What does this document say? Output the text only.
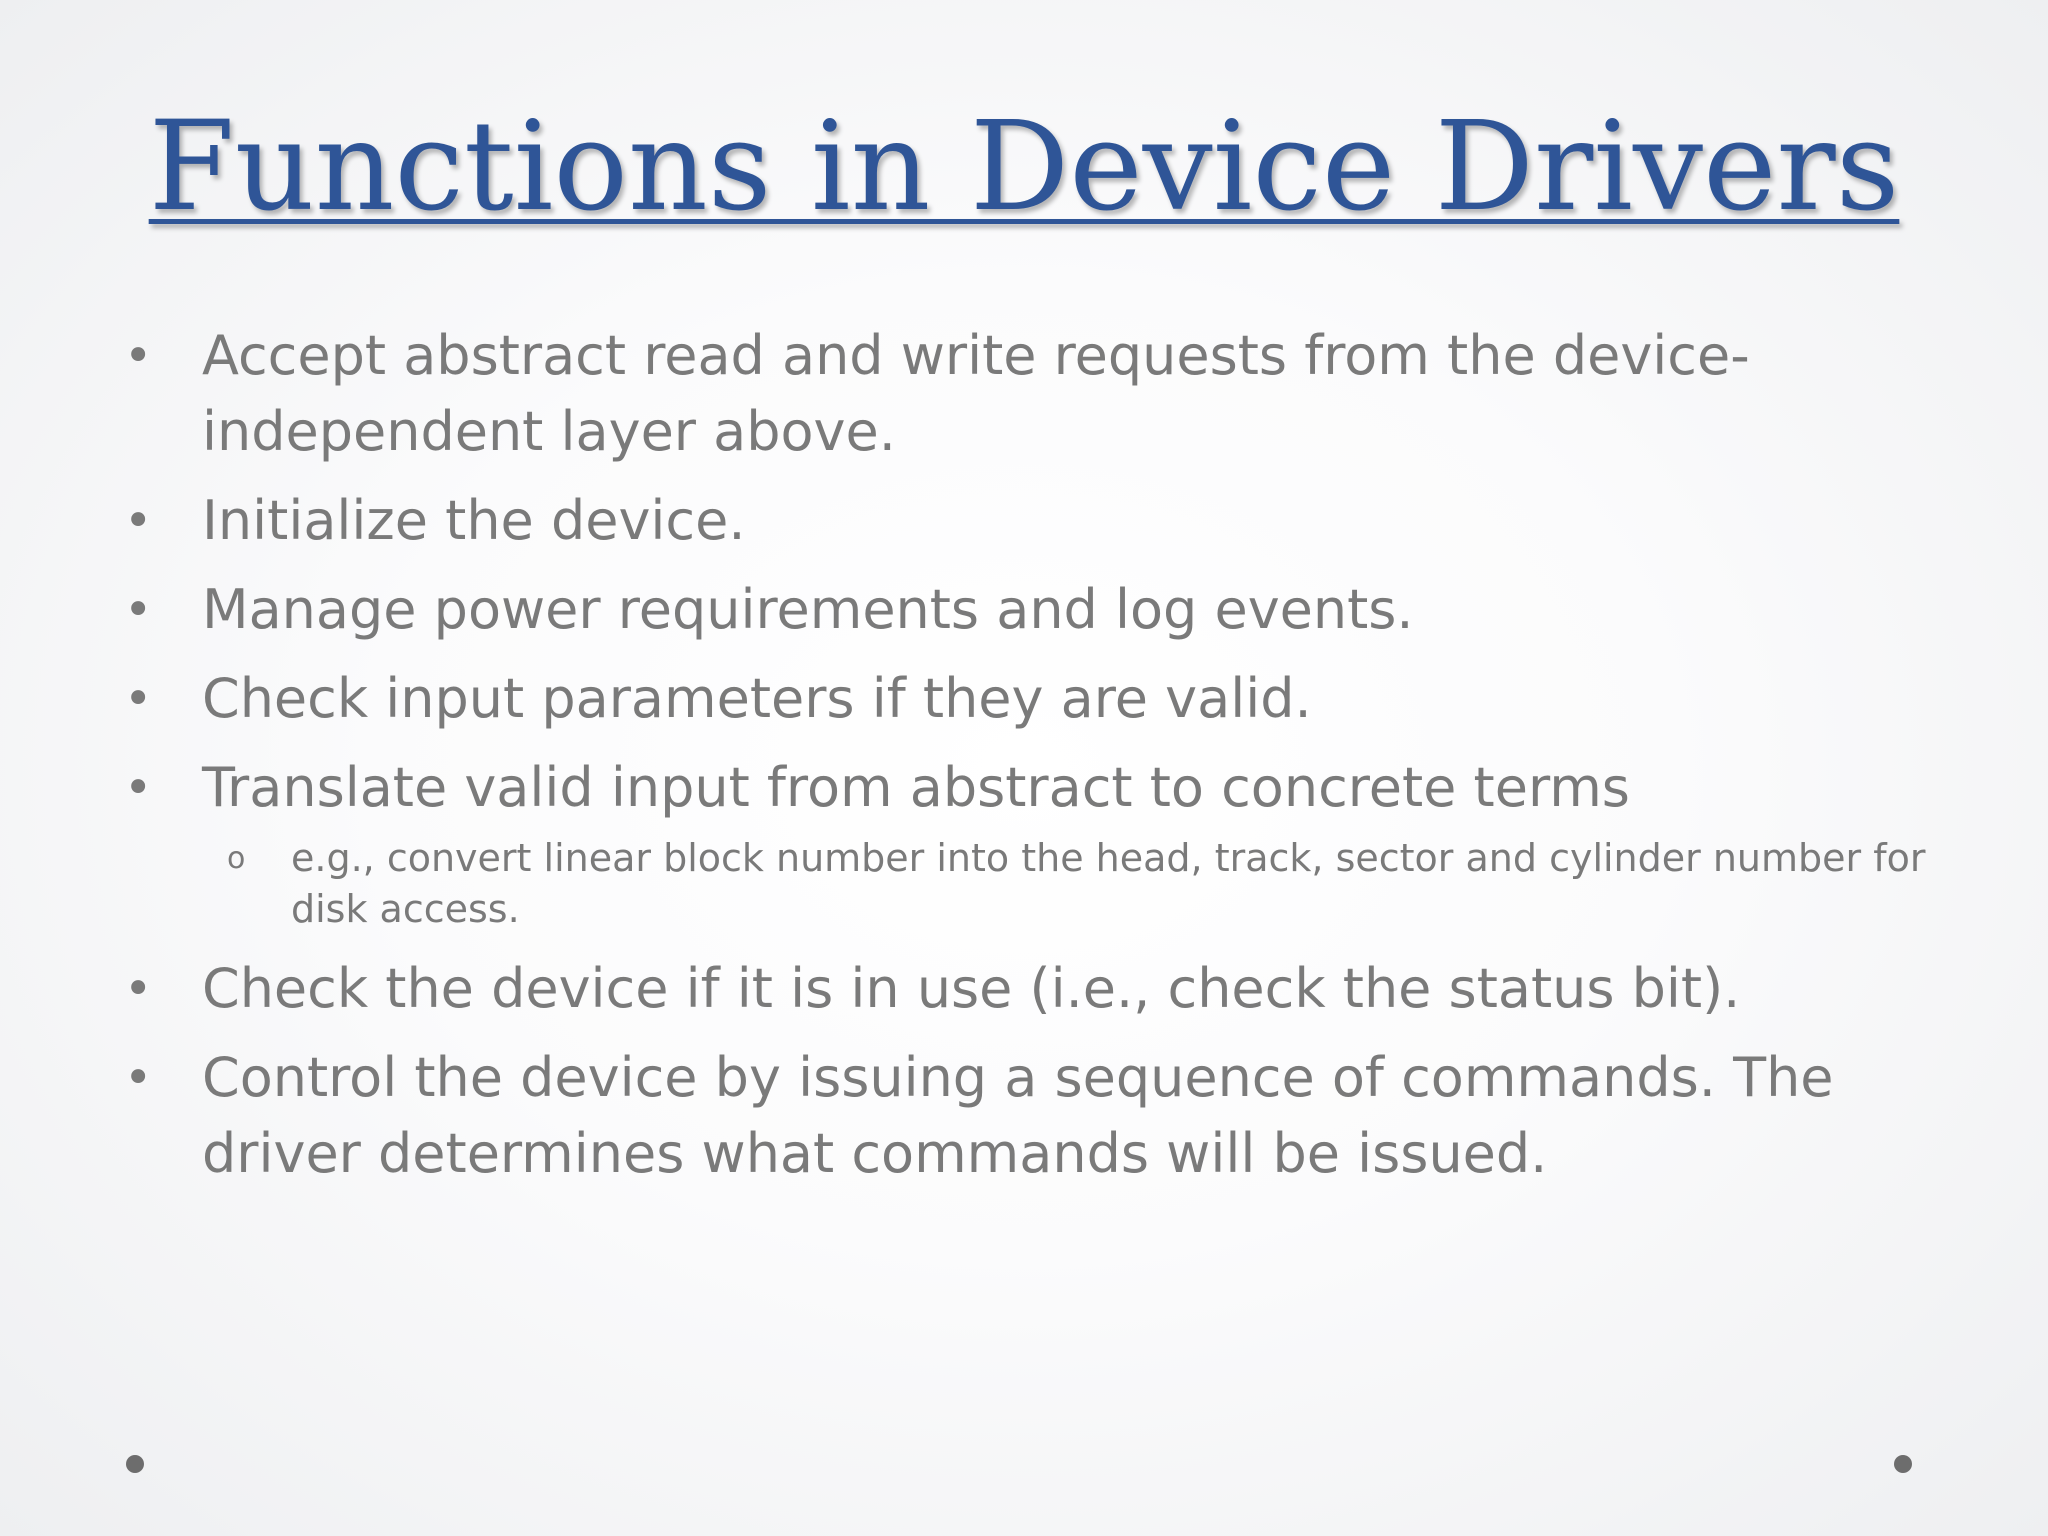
Functions in Device Drivers
• Accept abstract read and write requests from the device-independent layer above.
• Initialize the device.
• Manage power requirements and log events.
• Check input parameters if they are valid.
• Translate valid input from abstract to concrete terms
o e.g., convert linear block number into the head, track, sector and cylinder number for disk access.
• Check the device if it is in use (i.e., check the status bit).
• Control the device by issuing a sequence of commands. The driver determines what commands will be issued.
